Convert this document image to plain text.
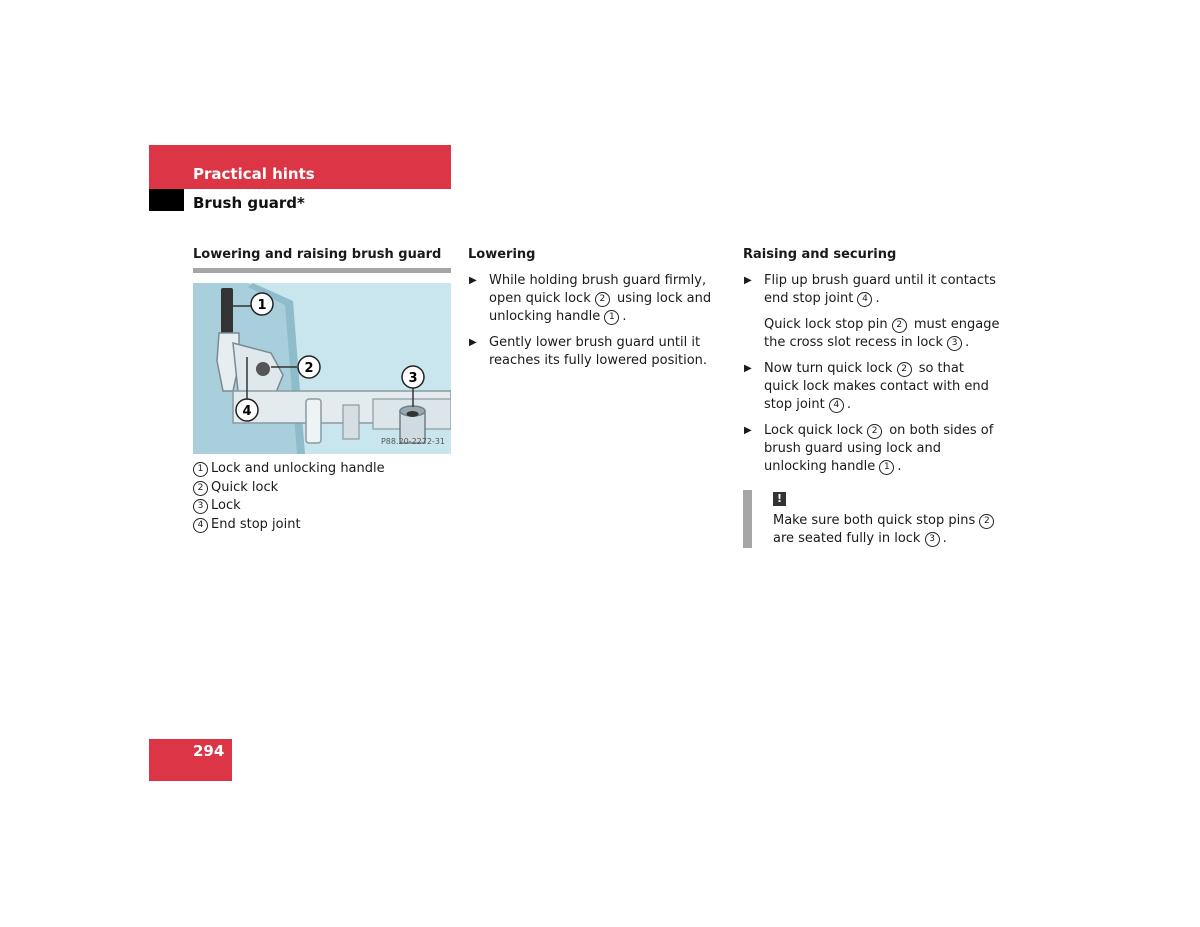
Practical hints
Brush guard*
Lowering and raising brush guard
1
2
3
4
P88.20-2272-31
1 Lock and unlocking handle
2 Quick lock
3 Lock
4 End stop joint
Lowering
▶ While holding brush guard firmly, open quick lock 2 using lock and unlocking handle 1 .
▶ Gently lower brush guard until it reaches its fully lowered position.
Raising and securing
▶ Flip up brush guard until it contacts end stop joint 4 .
Quick lock stop pin 2 must engage the cross slot recess in lock 3 .
▶ Now turn quick lock 2 so that quick lock makes contact with end stop joint 4 .
▶ Lock quick lock 2 on both sides of brush guard using lock and unlocking handle 1 .
!
Make sure both quick stop pins 2 are seated fully in lock 3 .

294
